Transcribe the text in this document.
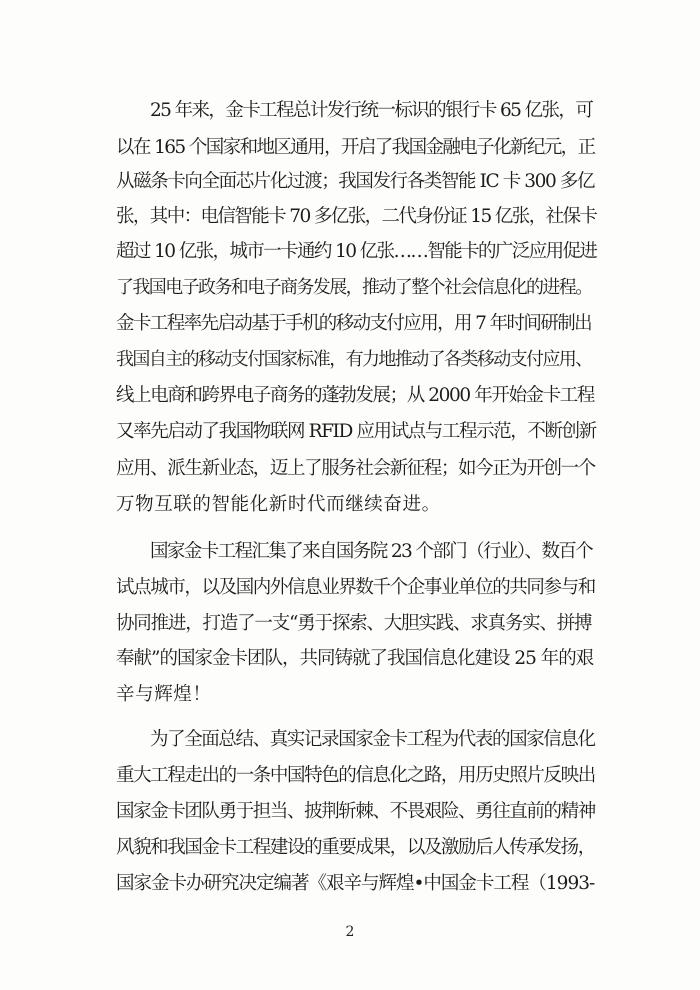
25 年来，金卡工程总计发行统一标识的银行卡 65 亿张，可
以在 165 个国家和地区通用，开启了我国金融电子化新纪元，正
从磁条卡向全面芯片化过渡；我国发行各类智能 IC 卡 300 多亿
张，其中：电信智能卡 70 多亿张，二代身份证 15 亿张，社保卡
超过 10 亿张，城市一卡通约 10 亿张……智能卡的广泛应用促进
了我国电子政务和电子商务发展，推动了整个社会信息化的进程。
金卡工程率先启动基于手机的移动支付应用，用 7 年时间研制出
我国自主的移动支付国家标准，有力地推动了各类移动支付应用、
线上电商和跨界电子商务的蓬勃发展；从 2000 年开始金卡工程
又率先启动了我国物联网 RFID 应用试点与工程示范，不断创新
应用、派生新业态，迈上了服务社会新征程；如今正为开创一个
万物互联的智能化新时代而继续奋进。
国家金卡工程汇集了来自国务院 23 个部门（行业）、数百个
试点城市，以及国内外信息业界数千个企事业单位的共同参与和
协同推进，打造了一支“勇于探索、大胆实践、求真务实、拼搏
奉献”的国家金卡团队，共同铸就了我国信息化建设 25 年的艰
辛与辉煌！
为了全面总结、真实记录国家金卡工程为代表的国家信息化
重大工程走出的一条中国特色的信息化之路，用历史照片反映出
国家金卡团队勇于担当、披荆斩棘、不畏艰险、勇往直前的精神
风貌和我国金卡工程建设的重要成果，以及激励后人传承发扬，
国家金卡办研究决定编著《艰辛与辉煌•中国金卡工程（1993-
2
